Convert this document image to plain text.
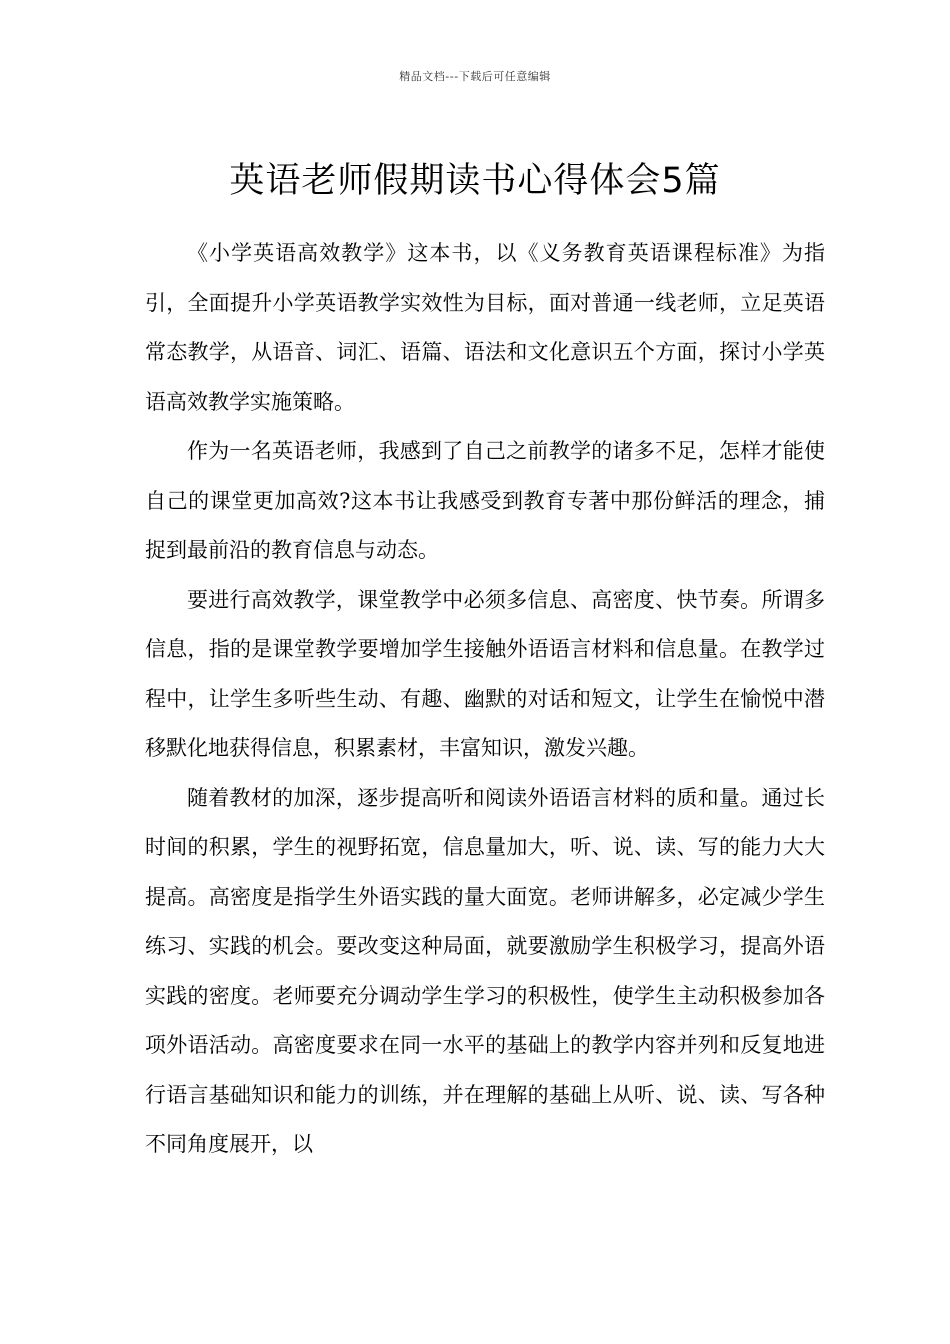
精品文档---下载后可任意编辑
英语老师假期读书心得体会5篇

《小学英语高效教学》这本书，以《义务教育英语课程标准》为指引，全面提升小学英语教学实效性为目标，面对普通一线老师，立足英语常态教学，从语音、词汇、语篇、语法和文化意识五个方面，探讨小学英语高效教学实施策略。

作为一名英语老师，我感到了自己之前教学的诸多不足，怎样才能使自己的课堂更加高效?这本书让我感受到教育专著中那份鲜活的理念，捕捉到最前沿的教育信息与动态。

要进行高效教学，课堂教学中必须多信息、高密度、快节奏。所谓多信息，指的是课堂教学要增加学生接触外语语言材料和信息量。在教学过程中，让学生多听些生动、有趣、幽默的对话和短文，让学生在愉悦中潜移默化地获得信息，积累素材，丰富知识，激发兴趣。

随着教材的加深，逐步提高听和阅读外语语言材料的质和量。通过长时间的积累，学生的视野拓宽，信息量加大，听、说、读、写的能力大大提高。高密度是指学生外语实践的量大面宽。老师讲解多，必定减少学生练习、实践的机会。要改变这种局面，就要激励学生积极学习，提高外语实践的密度。老师要充分调动学生学习的积极性，使学生主动积极参加各项外语活动。高密度要求在同一水平的基础上的教学内容并列和反复地进行语言基础知识和能力的训练，并在理解的基础上从听、说、读、写各种不同角度展开，以
